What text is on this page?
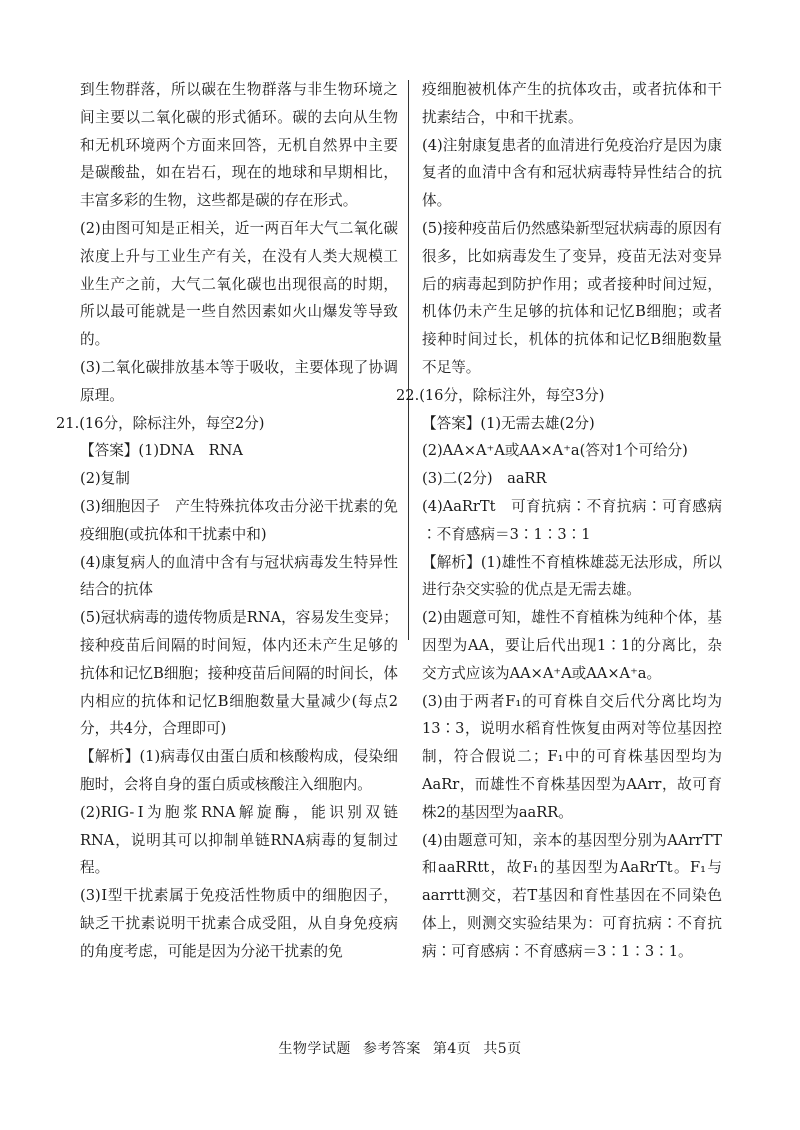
到生物群落，所以碳在生物群落与非生物环境之间主要以二氧化碳的形式循环。碳的去向从生物和无机环境两个方面来回答，无机自然界中主要是碳酸盐，如在岩石，现在的地球和早期相比，丰富多彩的生物，这些都是碳的存在形式。

(2)由图可知是正相关，近一两百年大气二氧化碳浓度上升与工业生产有关，在没有人类大规模工业生产之前，大气二氧化碳也出现很高的时期，所以最可能就是一些自然因素如火山爆发等导致的。

(3)二氧化碳排放基本等于吸收，主要体现了协调原理。

21.(16分，除标注外，每空2分)

【答案】(1)DNA　RNA

(2)复制

(3)细胞因子　产生特殊抗体攻击分泌干扰素的免疫细胞(或抗体和干扰素中和)

(4)康复病人的血清中含有与冠状病毒发生特异性结合的抗体

(5)冠状病毒的遗传物质是RNA，容易发生变异；接种疫苗后间隔的时间短，体内还未产生足够的抗体和记忆B细胞；接种疫苗后间隔的时间长，体内相应的抗体和记忆B细胞数量大量减少(每点2分，共4分，合理即可)

【解析】(1)病毒仅由蛋白质和核酸构成，侵染细胞时，会将自身的蛋白质或核酸注入细胞内。

(2)RIG-Ⅰ为胞浆RNA解旋酶，能识别双链RNA，说明其可以抑制单链RNA病毒的复制过程。

(3)Ⅰ型干扰素属于免疫活性物质中的细胞因子，缺乏干扰素说明干扰素合成受阻，从自身免疫病的角度考虑，可能是因为分泌干扰素的免

疫细胞被机体产生的抗体攻击，或者抗体和干扰素结合，中和干扰素。

(4)注射康复患者的血清进行免疫治疗是因为康复者的血清中含有和冠状病毒特异性结合的抗体。

(5)接种疫苗后仍然感染新型冠状病毒的原因有很多，比如病毒发生了变异，疫苗无法对变异后的病毒起到防护作用；或者接种时间过短，机体仍未产生足够的抗体和记忆B细胞；或者接种时间过长，机体的抗体和记忆B细胞数量不足等。

22.(16分，除标注外，每空3分)

【答案】(1)无需去雄(2分)

(2)AA×A⁺A或AA×A⁺a(答对1个可给分)

(3)二(2分)　aaRR

(4)AaRrTt　可育抗病∶不育抗病∶可育感病∶不育感病＝3∶1∶3∶1

【解析】(1)雄性不育植株雄蕊无法形成，所以进行杂交实验的优点是无需去雄。

(2)由题意可知，雄性不育植株为纯种个体，基因型为AA，要让后代出现1∶1的分离比，杂交方式应该为AA×A⁺A或AA×A⁺a。

(3)由于两者F₁的可育株自交后代分离比均为13∶3，说明水稻育性恢复由两对等位基因控制，符合假说二；F₁中的可育株基因型均为AaRr，而雄性不育株基因型为AArr，故可育株2的基因型为aaRR。

(4)由题意可知，亲本的基因型分别为AArrTT和aaRRtt，故F₁的基因型为AaRrTt。F₁与aarrtt测交，若T基因和育性基因在不同染色体上，则测交实验结果为：可育抗病∶不育抗病∶可育感病∶不育感病＝3∶1∶3∶1。

生物学试题 参考答案 第4页 共5页
